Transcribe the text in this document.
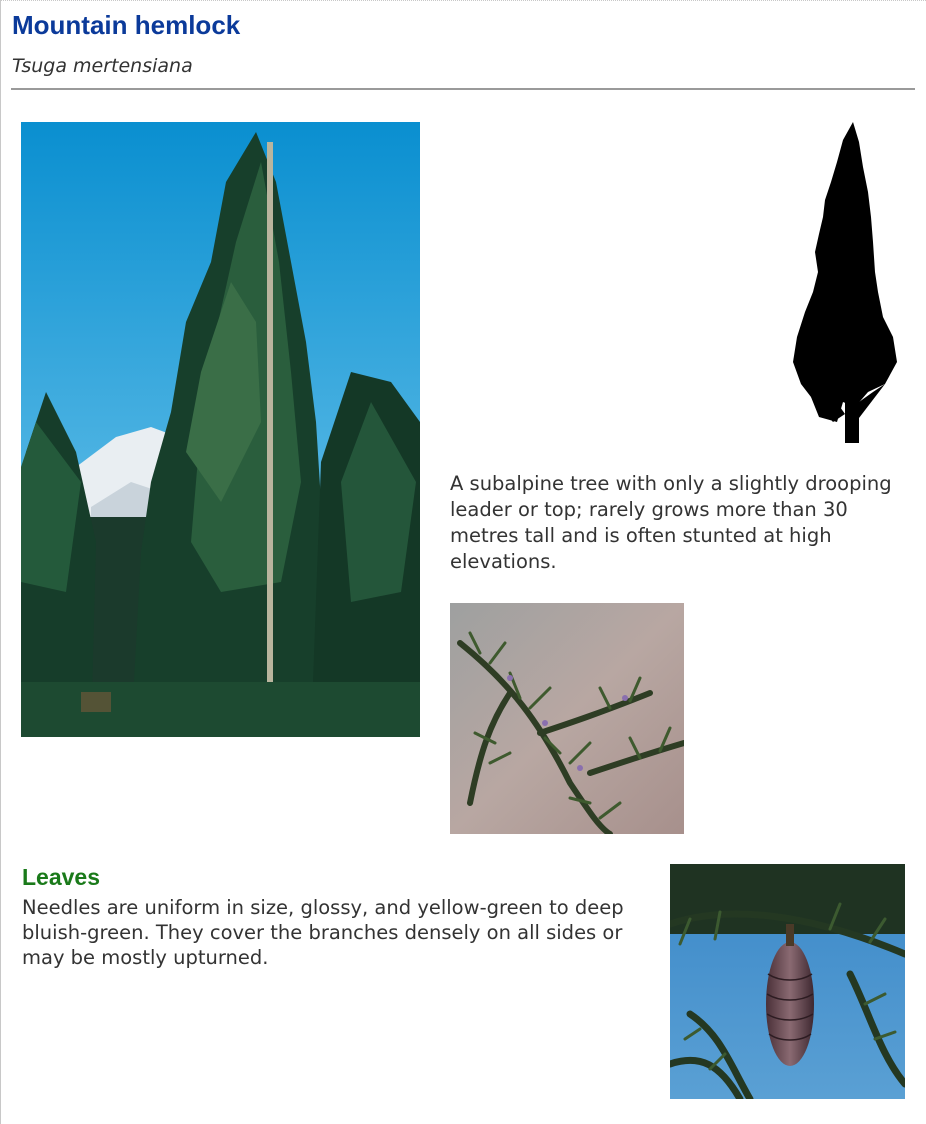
Mountain hemlock
Tsuga mertensiana
A subalpine tree with only a slightly drooping leader or top; rarely grows more than 30 metres tall and is often stunted at high elevations.
Leaves
Needles are uniform in size, glossy, and yellow-green to deep bluish-green. They cover the branches densely on all sides or may be mostly upturned.
